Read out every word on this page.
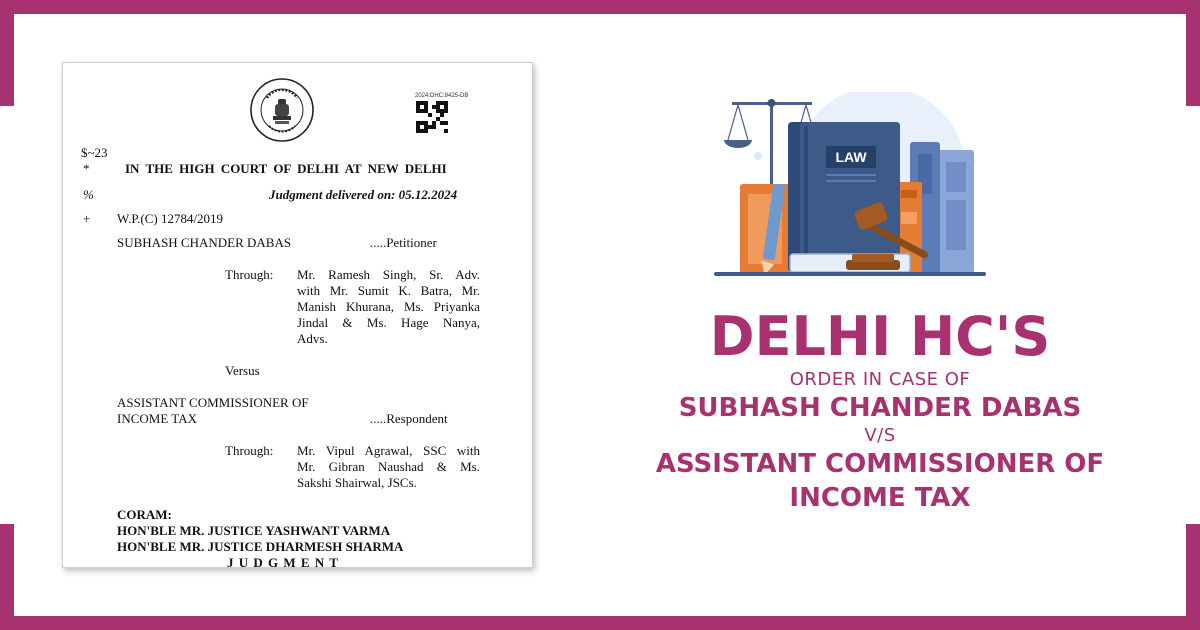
2024:DHC:9425-DB
$~23
*	IN THE HIGH COURT OF DELHI AT NEW DELHI
%	Judgment delivered on: 05.12.2024
+ W.P.(C) 12784/2019
SUBHASH CHANDER DABAS	.....Petitioner
Through: Mr. Ramesh Singh, Sr. Adv.
with Mr. Sumit K. Batra, Mr.
Manish Khurana, Ms. Priyanka
Jindal & Ms. Hage Nanya,
Advs.
Versus
ASSISTANT COMMISSIONER OF
INCOME TAX	.....Respondent
Through: Mr. Vipul Agrawal, SSC with
Mr. Gibran Naushad & Ms.
Sakshi Shairwal, JSCs.
CORAM:
HON'BLE MR. JUSTICE YASHWANT VARMA
HON'BLE MR. JUSTICE DHARMESH SHARMA
J U D G M E N T
LAW
DELHI HC'S
ORDER IN CASE OF
SUBHASH CHANDER DABAS
V/S
ASSISTANT COMMISSIONER OF
INCOME TAX
